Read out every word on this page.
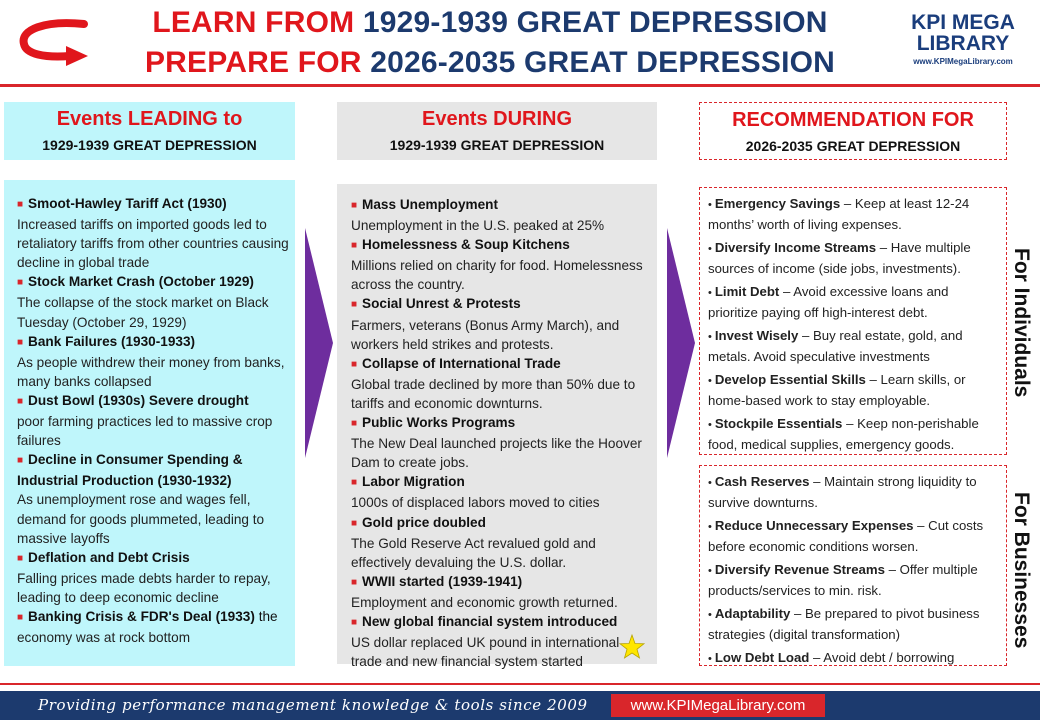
LEARN FROM 1929-1939 GREAT DEPRESSION
PREPARE FOR 2026-2035 GREAT DEPRESSION
KPI MEGA
LIBRARY
www.KPIMegaLibrary.com
Events LEADING to
1929-1939 GREAT DEPRESSION
Events DURING
1929-1939 GREAT DEPRESSION
RECOMMENDATION FOR
2026-2035 GREAT DEPRESSION
■ Smoot-Hawley Tariff Act (1930)
Increased tariffs on imported goods led to retaliatory tariffs from other countries causing decline in global trade
■ Stock Market Crash (October 1929)
The collapse of the stock market on Black Tuesday (October 29, 1929)
■ Bank Failures (1930-1933)
As people withdrew their money from banks, many banks collapsed
■ Dust Bowl (1930s) Severe drought
poor farming practices led to massive crop failures
■ Decline in Consumer Spending & Industrial Production (1930-1932)
As unemployment rose and wages fell, demand for goods plummeted, leading to massive layoffs
■ Deflation and Debt Crisis
Falling prices made debts harder to repay, leading to deep economic decline
■ Banking Crisis & FDR's Deal (1933) the
economy was at rock bottom
■ Mass Unemployment
Unemployment in the U.S. peaked at 25%
■ Homelessness & Soup Kitchens
Millions relied on charity for food. Homelessness across the country.
■ Social Unrest & Protests
Farmers, veterans (Bonus Army March), and workers held strikes and protests.
■ Collapse of International Trade
Global trade declined by more than 50% due to tariffs and economic downturns.
■ Public Works Programs
The New Deal launched projects like the Hoover Dam to create jobs.
■ Labor Migration
1000s of displaced labors moved to cities
■ Gold price doubled
The Gold Reserve Act revalued gold and effectively devaluing the U.S. dollar.
■ WWII started (1939-1941)
Employment and economic growth returned.
■ New global financial system introduced
US dollar replaced UK pound in international trade and new financial system started
• Emergency Savings – Keep at least 12-24 months’ worth of living expenses.
• Diversify Income Streams – Have multiple sources of income (side jobs, investments).
• Limit Debt – Avoid excessive loans and prioritize paying off high-interest debt.
• Invest Wisely – Buy real estate, gold, and metals. Avoid speculative investments
• Develop Essential Skills – Learn skills, or home-based work to stay employable.
• Stockpile Essentials – Keep non-perishable food, medical supplies, emergency goods.
For Individuals
• Cash Reserves – Maintain strong liquidity to survive downturns.
• Reduce Unnecessary Expenses – Cut costs before economic conditions worsen.
• Diversify Revenue Streams – Offer multiple products/services to min. risk.
• Adaptability – Be prepared to pivot business strategies (digital transformation)
• Low Debt Load – Avoid debt / borrowing
For Businesses
Providing performance management knowledge & tools since 2009	www.KPIMegaLibrary.com
